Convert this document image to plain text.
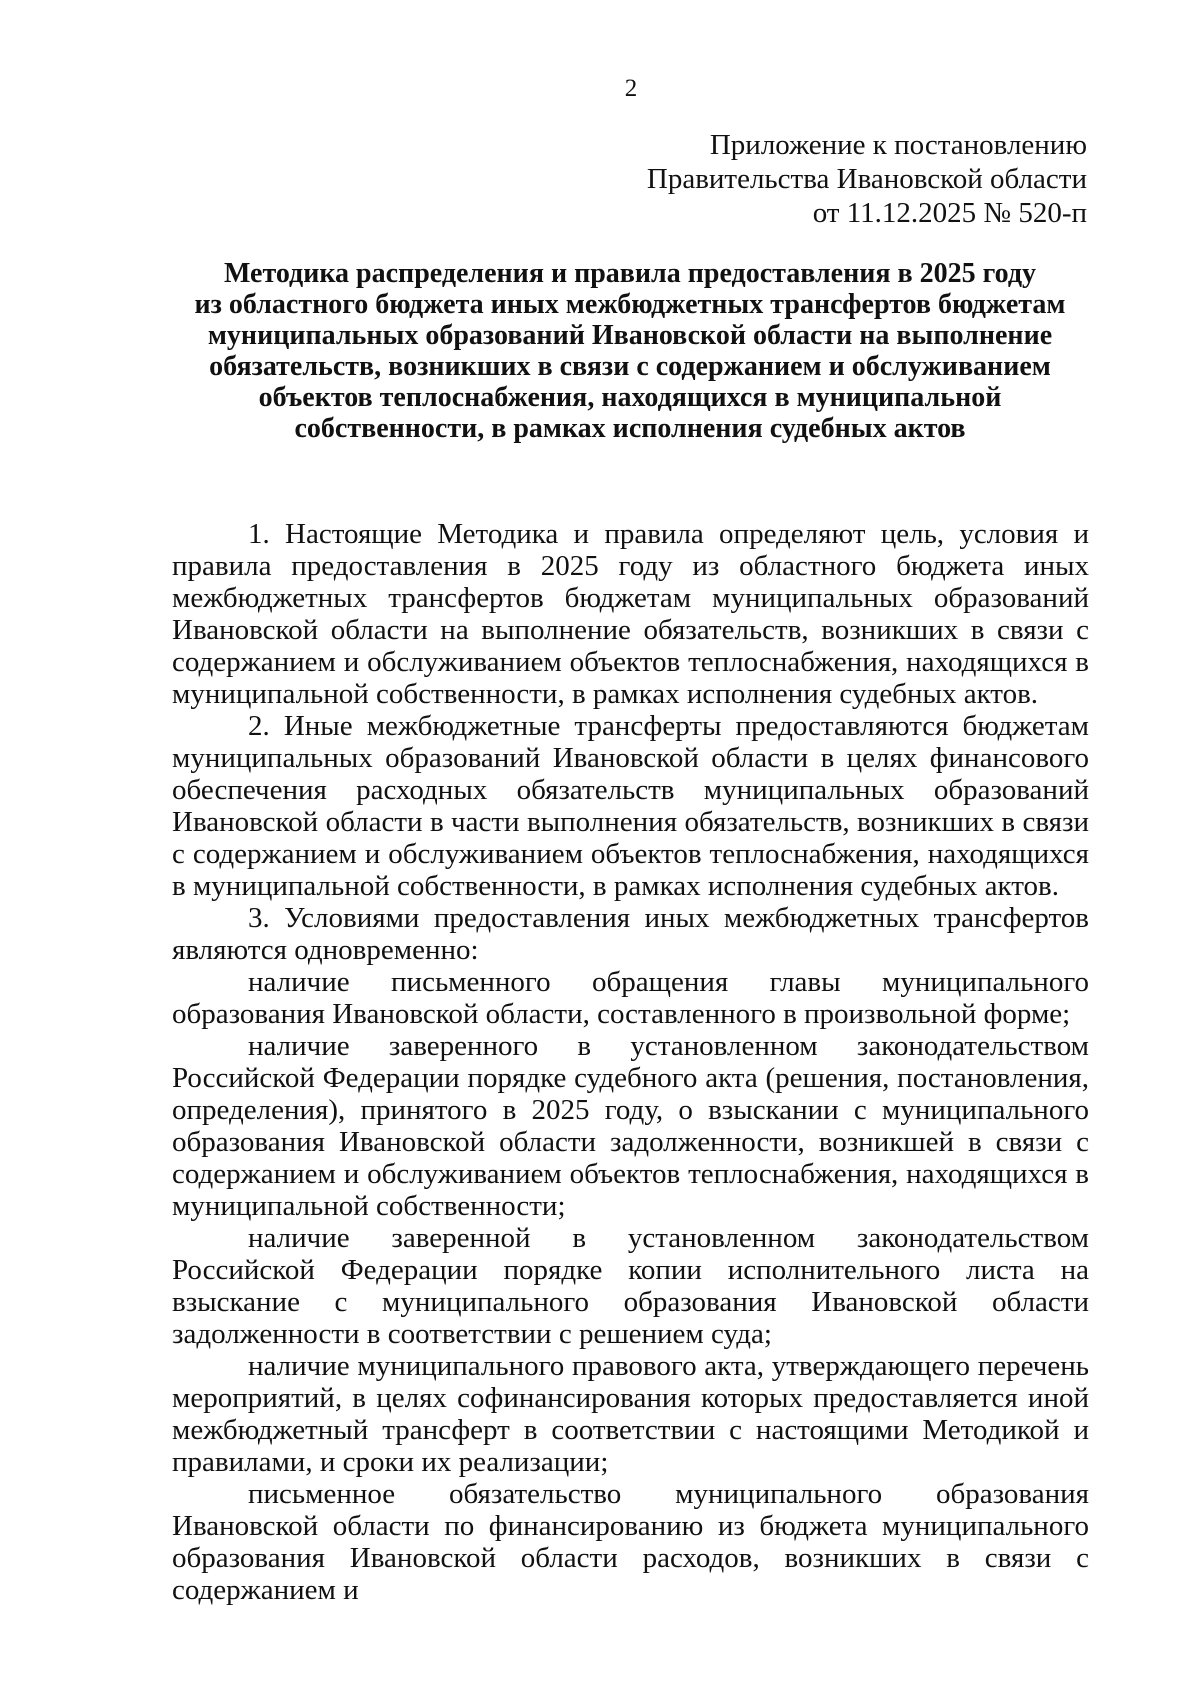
2
Приложение к постановлению
Правительства Ивановской области
от 11.12.2025 № 520-п
Методика распределения и правила предоставления в 2025 году
из областного бюджета иных межбюджетных трансфертов бюджетам
муниципальных образований Ивановской области на выполнение
обязательств, возникших в связи с содержанием и обслуживанием
объектов теплоснабжения, находящихся в муниципальной
собственности, в рамках исполнения судебных актов

1. Настоящие Методика и правила определяют цель, условия и правила предоставления в 2025 году из областного бюджета иных межбюджетных трансфертов бюджетам муниципальных образований Ивановской области на выполнение обязательств, возникших в связи с содержанием и обслуживанием объектов теплоснабжения, находящихся в муниципальной собственности, в рамках исполнения судебных актов.

2. Иные межбюджетные трансферты предоставляются бюджетам муниципальных образований Ивановской области в целях финансового обеспечения расходных обязательств муниципальных образований Ивановской области в части выполнения обязательств, возникших в связи с содержанием и обслуживанием объектов теплоснабжения, находящихся в муниципальной собственности, в рамках исполнения судебных актов.

3. Условиями предоставления иных межбюджетных трансфертов являются одновременно:

наличие письменного обращения главы муниципального образования Ивановской области, составленного в произвольной форме;

наличие заверенного в установленном законодательством Российской Федерации порядке судебного акта (решения, постановления, определения), принятого в 2025 году, о взыскании с муниципального образования Ивановской области задолженности, возникшей в связи с содержанием и обслуживанием объектов теплоснабжения, находящихся в муниципальной собственности;

наличие заверенной в установленном законодательством Российской Федерации порядке копии исполнительного листа на взыскание с муниципального образования Ивановской области задолженности в соответствии с решением суда;

наличие муниципального правового акта, утверждающего перечень мероприятий, в целях софинансирования которых предоставляется иной межбюджетный трансферт в соответствии с настоящими Методикой и правилами, и сроки их реализации;

письменное обязательство муниципального образования Ивановской области по финансированию из бюджета муниципального образования Ивановской области расходов, возникших в связи с содержанием и
